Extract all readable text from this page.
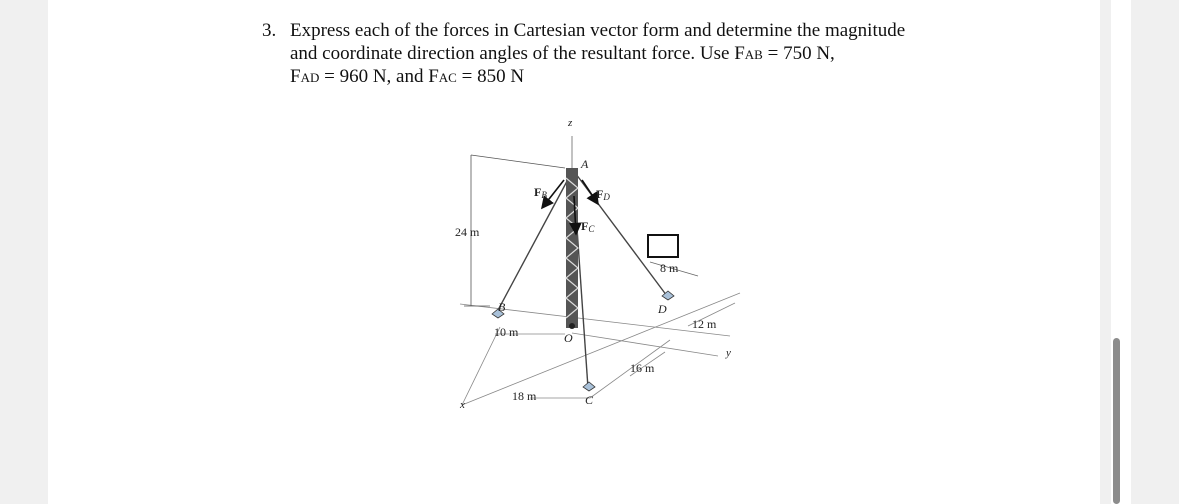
3. Express each of the forces in Cartesian vector form and determine the magnitude
and coordinate direction angles of the resultant force. Use FAB = 750 N,
FAD = 960 N, and FAC = 850 N
24 m
z
A
B	D
C
O
x
y
FB	FD
FC
10 m
18 m
16 m
12 m
8 m
